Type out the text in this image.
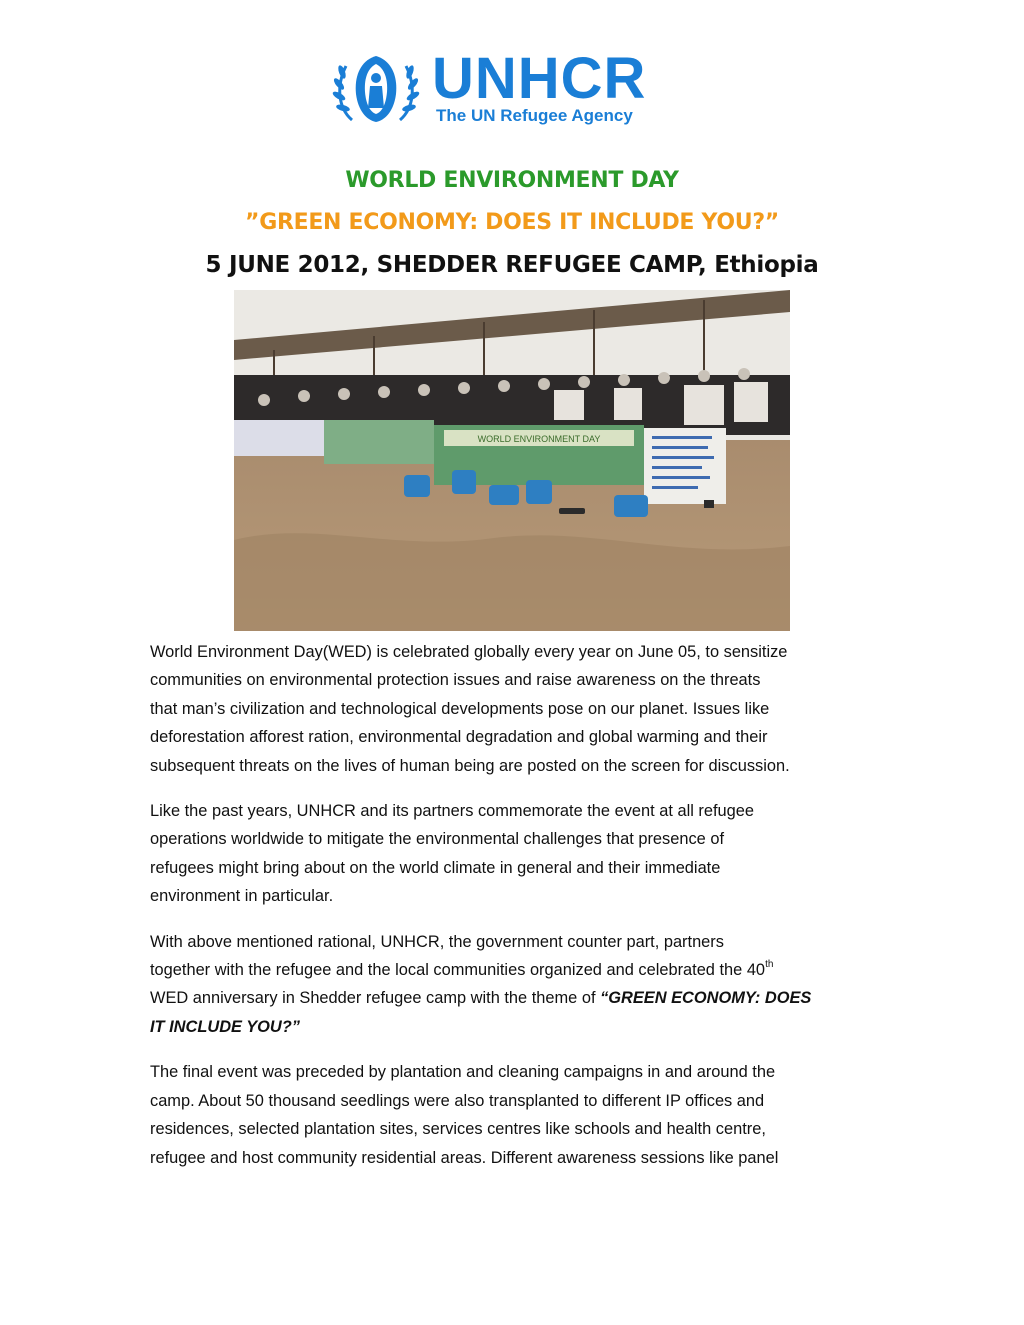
UNHCR
The UN Refugee Agency
WORLD ENVIRONMENT DAY
”GREEN ECONOMY: DOES IT INCLUDE YOU?”
5 JUNE 2012, SHEDDER REFUGEE CAMP, Ethiopia
WORLD ENVIRONMENT DAY

World Environment Day(WED) is celebrated globally every year on June 05, to sensitize
communities on environmental protection issues and raise awareness on the threats
that man’s civilization and technological developments pose on our planet. Issues like
deforestation afforest ration, environmental degradation and global warming and their
subsequent threats on the lives of human being are posted on the screen for discussion.

Like the past years, UNHCR and its partners commemorate the event at all refugee
operations worldwide to mitigate the environmental challenges that presence of
refugees might bring about on the world climate in general and their immediate
environment in particular.

With above mentioned rational, UNHCR, the government counter part, partners
together with the refugee and the local communities organized and celebrated the 40th
WED anniversary in Shedder refugee camp with the theme of “GREEN ECONOMY: DOES
IT INCLUDE YOU?”

The final event was preceded by plantation and cleaning campaigns in and around the
camp. About 50 thousand seedlings were also transplanted to different IP offices and
residences, selected plantation sites, services centres like schools and health centre,
refugee and host community residential areas. Different awareness sessions like panel
